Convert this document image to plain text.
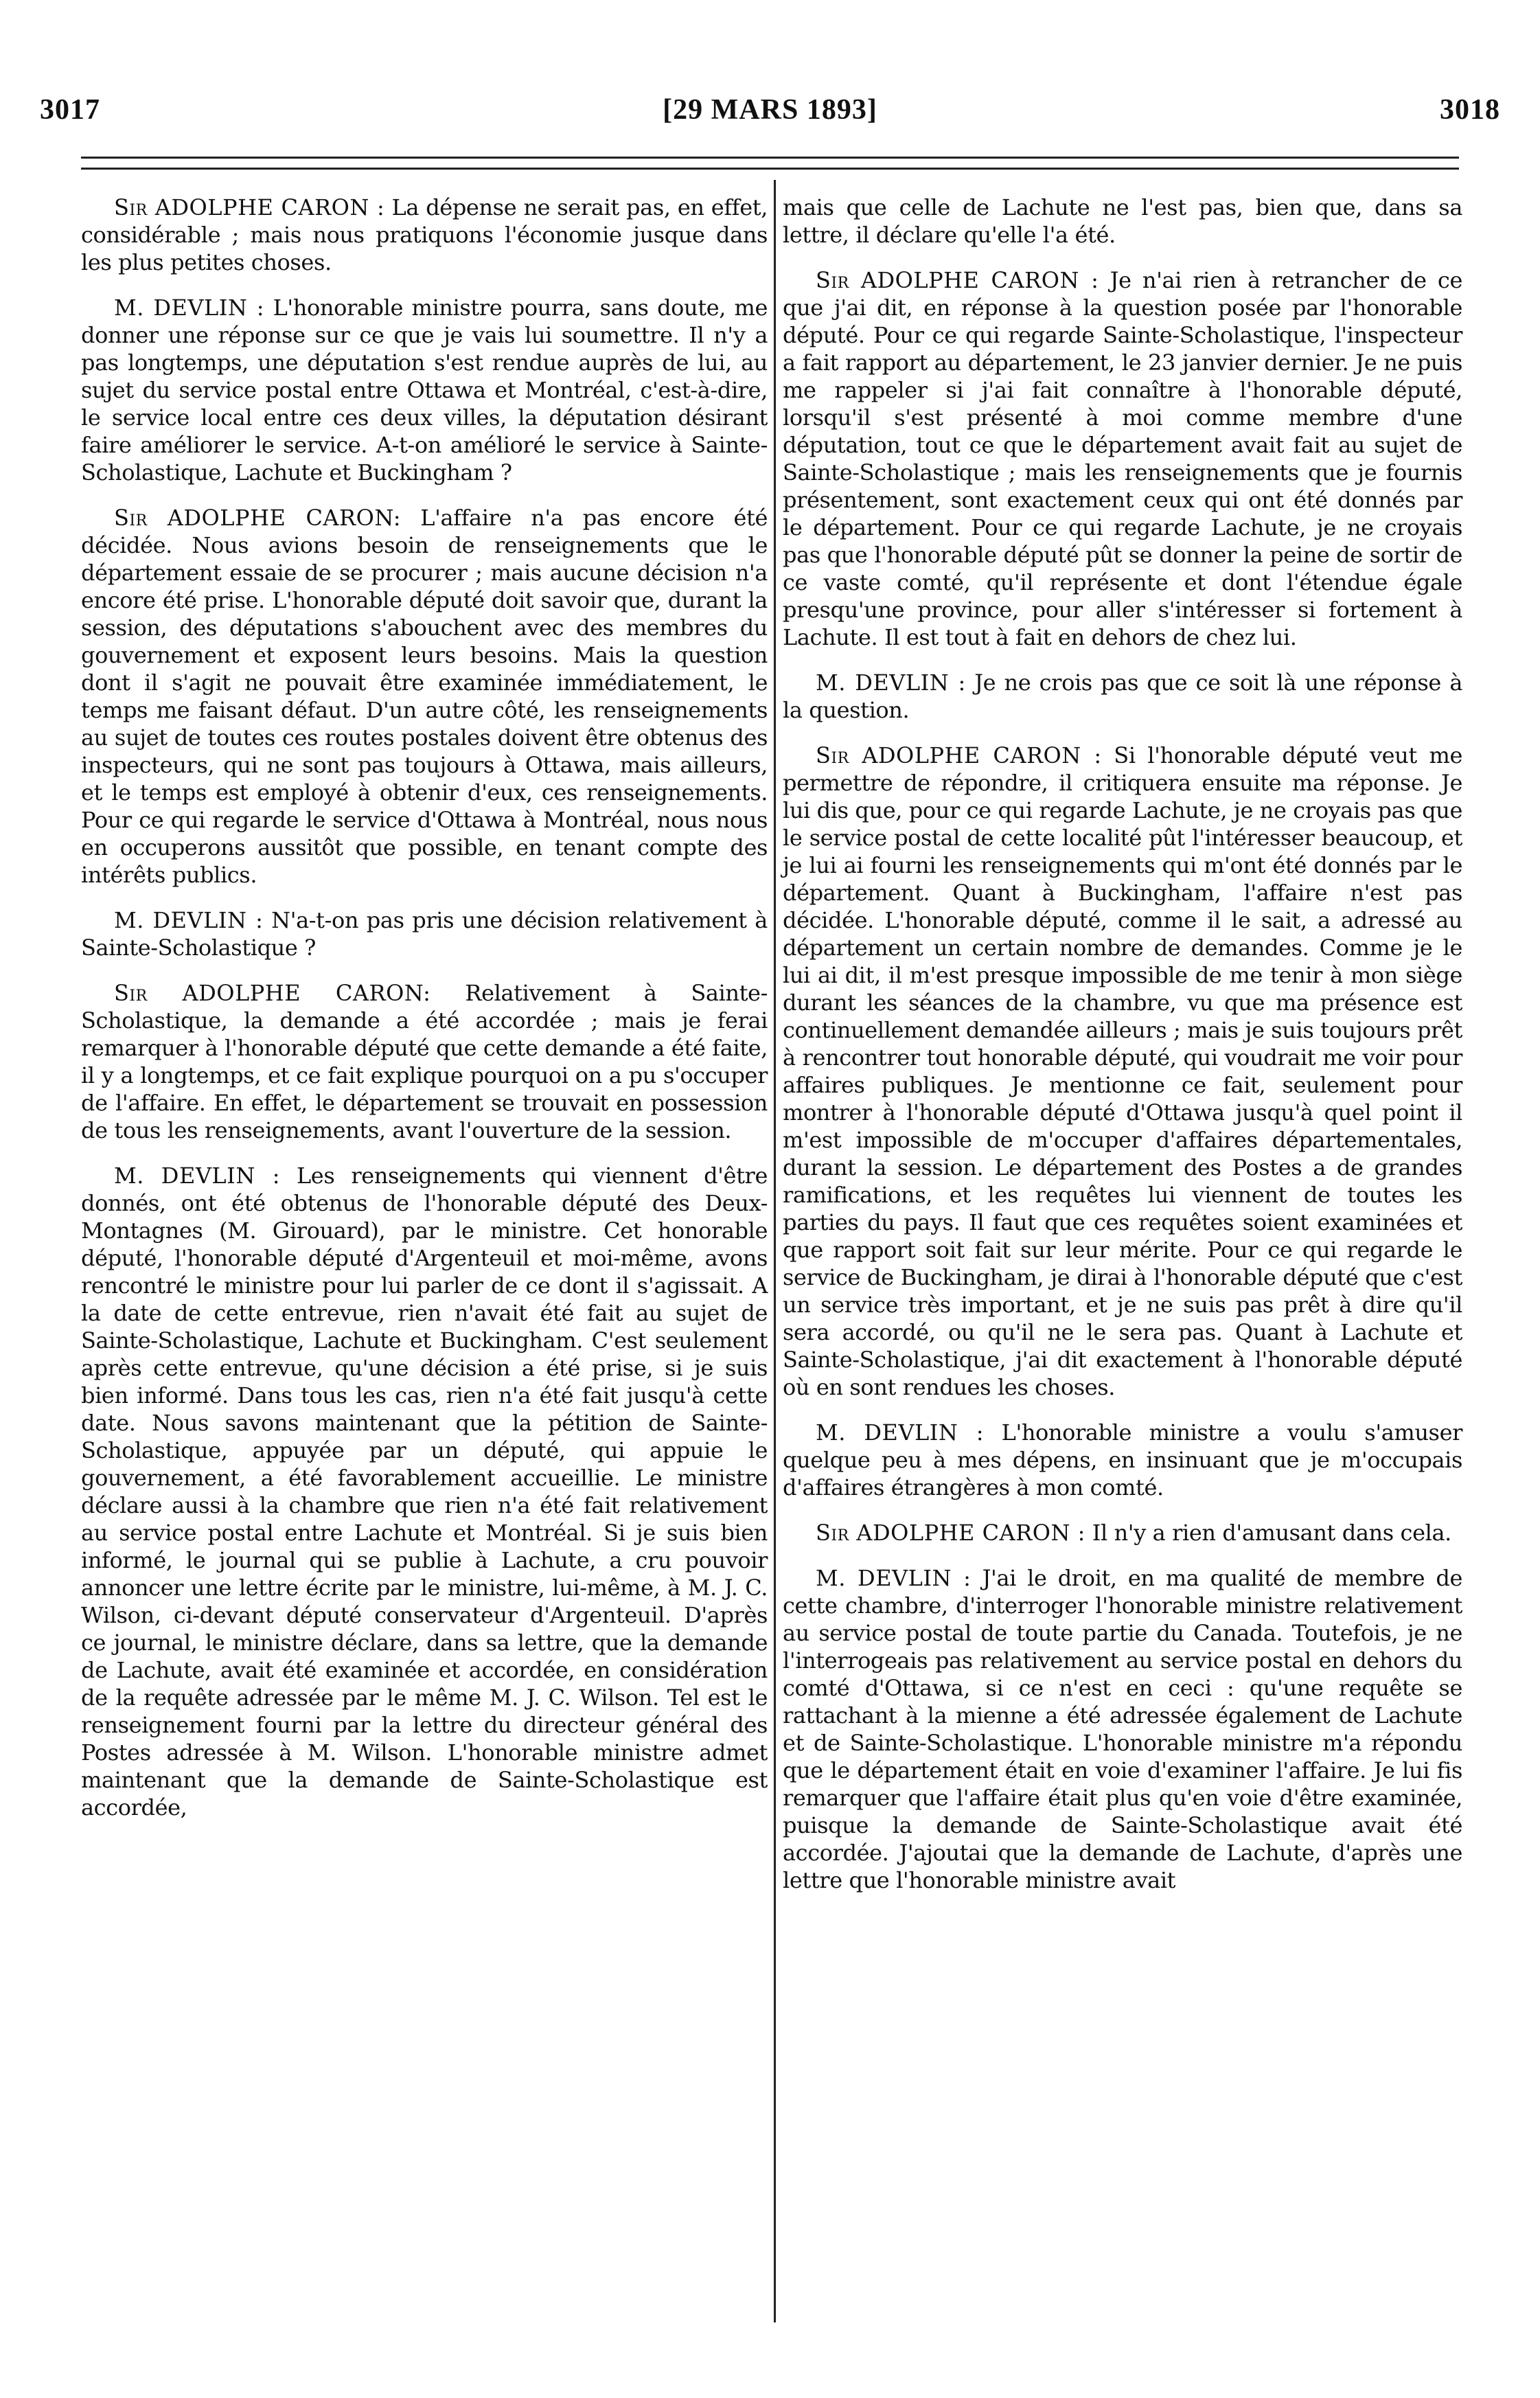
3017	[29 MARS 1893]	3018

Sir ADOLPHE CARON : La dépense ne serait pas, en effet, considérable ; mais nous pratiquons l'économie jusque dans les plus petites choses.

M. DEVLIN : L'honorable ministre pourra, sans doute, me donner une réponse sur ce que je vais lui soumettre. Il n'y a pas longtemps, une députation s'est rendue auprès de lui, au sujet du service postal entre Ottawa et Montréal, c'est-à-dire, le service local entre ces deux villes, la députation désirant faire améliorer le service. A-t-on amélioré le service à Sainte-Scholastique, Lachute et Buckingham ?

Sir ADOLPHE CARON: L'affaire n'a pas encore été décidée. Nous avions besoin de renseignements que le département essaie de se procurer ; mais aucune décision n'a encore été prise. L'honorable député doit savoir que, durant la session, des députations s'abouchent avec des membres du gouvernement et exposent leurs besoins. Mais la question dont il s'agit ne pouvait être examinée immédiatement, le temps me faisant défaut. D'un autre côté, les renseignements au sujet de toutes ces routes postales doivent être obtenus des inspecteurs, qui ne sont pas toujours à Ottawa, mais ailleurs, et le temps est employé à obtenir d'eux, ces renseignements. Pour ce qui regarde le service d'Ottawa à Montréal, nous nous en occuperons aussitôt que possible, en tenant compte des intérêts publics.

M. DEVLIN : N'a-t-on pas pris une décision relativement à Sainte-Scholastique ?

Sir ADOLPHE CARON: Relativement à Sainte-Scholastique, la demande a été accordée ; mais je ferai remarquer à l'honorable député que cette demande a été faite, il y a longtemps, et ce fait explique pourquoi on a pu s'occuper de l'affaire. En effet, le département se trouvait en possession de tous les renseignements, avant l'ouverture de la session.

M. DEVLIN : Les renseignements qui viennent d'être donnés, ont été obtenus de l'honorable député des Deux-Montagnes (M. Girouard), par le ministre. Cet honorable député, l'honorable député d'Argenteuil et moi-même, avons rencontré le ministre pour lui parler de ce dont il s'agissait. A la date de cette entrevue, rien n'avait été fait au sujet de Sainte-Scholastique, Lachute et Buckingham. C'est seulement après cette entrevue, qu'une décision a été prise, si je suis bien informé. Dans tous les cas, rien n'a été fait jusqu'à cette date. Nous savons maintenant que la pétition de Sainte-Scholastique, appuyée par un député, qui appuie le gouvernement, a été favorablement accueillie. Le ministre déclare aussi à la chambre que rien n'a été fait relativement au service postal entre Lachute et Montréal. Si je suis bien informé, le journal qui se publie à Lachute, a cru pouvoir annoncer une lettre écrite par le ministre, lui-même, à M. J. C. Wilson, ci-devant député conservateur d'Argenteuil. D'après ce journal, le ministre déclare, dans sa lettre, que la demande de Lachute, avait été examinée et accordée, en considération de la requête adressée par le même M. J. C. Wilson. Tel est le renseignement fourni par la lettre du directeur général des Postes adressée à M. Wilson. L'honorable ministre admet maintenant que la demande de Sainte-Scholastique est accordée,

mais que celle de Lachute ne l'est pas, bien que, dans sa lettre, il déclare qu'elle l'a été.

Sir ADOLPHE CARON : Je n'ai rien à retrancher de ce que j'ai dit, en réponse à la question posée par l'honorable député. Pour ce qui regarde Sainte-Scholastique, l'inspecteur a fait rapport au département, le 23 janvier dernier. Je ne puis me rappeler si j'ai fait connaître à l'honorable député, lorsqu'il s'est présenté à moi comme membre d'une députation, tout ce que le département avait fait au sujet de Sainte-Scholastique ; mais les renseignements que je fournis présentement, sont exactement ceux qui ont été donnés par le département. Pour ce qui regarde Lachute, je ne croyais pas que l'honorable député pût se donner la peine de sortir de ce vaste comté, qu'il représente et dont l'étendue égale presqu'une province, pour aller s'intéresser si fortement à Lachute. Il est tout à fait en dehors de chez lui.

M. DEVLIN : Je ne crois pas que ce soit là une réponse à la question.

Sir ADOLPHE CARON : Si l'honorable député veut me permettre de répondre, il critiquera ensuite ma réponse. Je lui dis que, pour ce qui regarde Lachute, je ne croyais pas que le service postal de cette localité pût l'intéresser beaucoup, et je lui ai fourni les renseignements qui m'ont été donnés par le département. Quant à Buckingham, l'affaire n'est pas décidée. L'honorable député, comme il le sait, a adressé au département un certain nombre de demandes. Comme je le lui ai dit, il m'est presque impossible de me tenir à mon siège durant les séances de la chambre, vu que ma présence est continuellement demandée ailleurs ; mais je suis toujours prêt à rencontrer tout honorable député, qui voudrait me voir pour affaires publiques. Je mentionne ce fait, seulement pour montrer à l'honorable député d'Ottawa jusqu'à quel point il m'est impossible de m'occuper d'affaires départementales, durant la session. Le département des Postes a de grandes ramifications, et les requêtes lui viennent de toutes les parties du pays. Il faut que ces requêtes soient examinées et que rapport soit fait sur leur mérite. Pour ce qui regarde le service de Buckingham, je dirai à l'honorable député que c'est un service très important, et je ne suis pas prêt à dire qu'il sera accordé, ou qu'il ne le sera pas. Quant à Lachute et Sainte-Scholastique, j'ai dit exactement à l'honorable député où en sont rendues les choses.

M. DEVLIN : L'honorable ministre a voulu s'amuser quelque peu à mes dépens, en insinuant que je m'occupais d'affaires étrangères à mon comté.

Sir ADOLPHE CARON : Il n'y a rien d'amusant dans cela.

M. DEVLIN : J'ai le droit, en ma qualité de membre de cette chambre, d'interroger l'honorable ministre relativement au service postal de toute partie du Canada. Toutefois, je ne l'interrogeais pas relativement au service postal en dehors du comté d'Ottawa, si ce n'est en ceci : qu'une requête se rattachant à la mienne a été adressée également de Lachute et de Sainte-Scholastique. L'honorable ministre m'a répondu que le département était en voie d'examiner l'affaire. Je lui fis remarquer que l'affaire était plus qu'en voie d'être examinée, puisque la demande de Sainte-Scholastique avait été accordée. J'ajoutai que la demande de Lachute, d'après une lettre que l'honorable ministre avait
